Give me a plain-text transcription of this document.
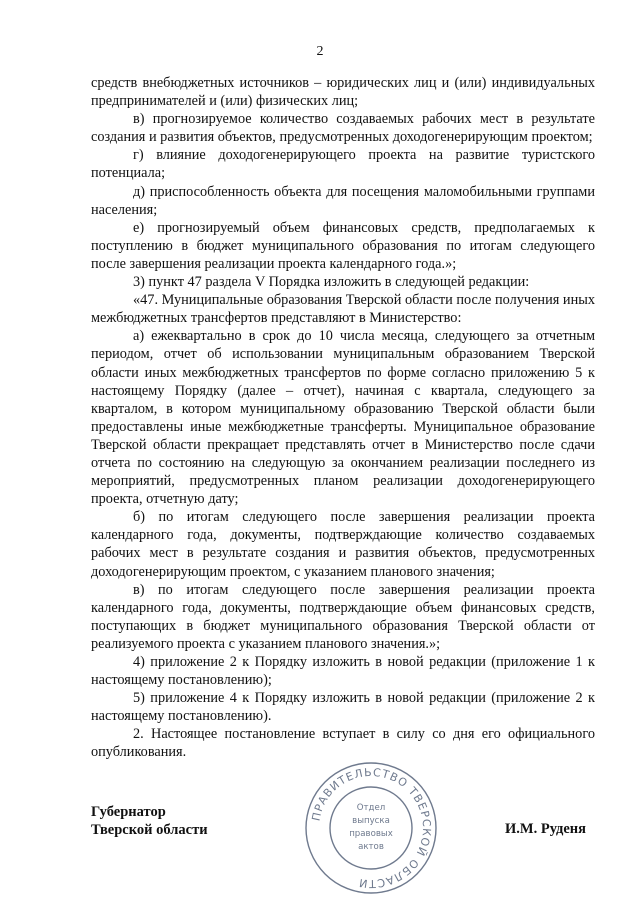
2

средств внебюджетных источников – юридических лиц и (или) индивидуальных предпринимателей и (или) физических лиц;

в) прогнозируемое количество создаваемых рабочих мест в результате создания и развития объектов, предусмотренных доходогенерирующим проектом;

г) влияние доходогенерирующего проекта на развитие туристского потенциала;

д) приспособленность объекта для посещения маломобильными группами населения;

е) прогнозируемый объем финансовых средств, предполагаемых к поступлению в бюджет муниципального образования по итогам следующего после завершения реализации проекта календарного года.»;

3) пункт 47 раздела V Порядка изложить в следующей редакции:

«47. Муниципальные образования Тверской области после получения иных межбюджетных трансфертов представляют в Министерство:

а) ежеквартально в срок до 10 числа месяца, следующего за отчетным периодом, отчет об использовании муниципальным образованием Тверской области иных межбюджетных трансфертов по форме согласно приложению 5 к настоящему Порядку (далее – отчет), начиная с квартала, следующего за кварталом, в котором муниципальному образованию Тверской области были предоставлены иные межбюджетные трансферты. Муниципальное образование Тверской области прекращает представлять отчет в Министерство после сдачи отчета по состоянию на следующую за окончанием реализации последнего из мероприятий, предусмотренных планом реализации доходогенерирующего проекта, отчетную дату;

б) по итогам следующего после завершения реализации проекта календарного года, документы, подтверждающие количество создаваемых рабочих мест в результате создания и развития объектов, предусмотренных доходогенерирующим проектом, с указанием планового значения;

в) по итогам следующего после завершения реализации проекта календарного года, документы, подтверждающие объем финансовых средств, поступающих в бюджет муниципального образования Тверской области от реализуемого проекта с указанием планового значения.»;

4) приложение 2 к Порядку изложить в новой редакции (приложение 1 к настоящему постановлению);

5) приложение 4 к Порядку изложить в новой редакции (приложение 2 к настоящему постановлению).

2. Настоящее постановление вступает в силу со дня его официального опубликования.

Губернатор
Тверской области
ПРАВИТЕЛЬСТВО ТВЕРСКОЙ ОБЛАСТИ
Отдел
выпуска
правовых
актов
И.М. Руденя
